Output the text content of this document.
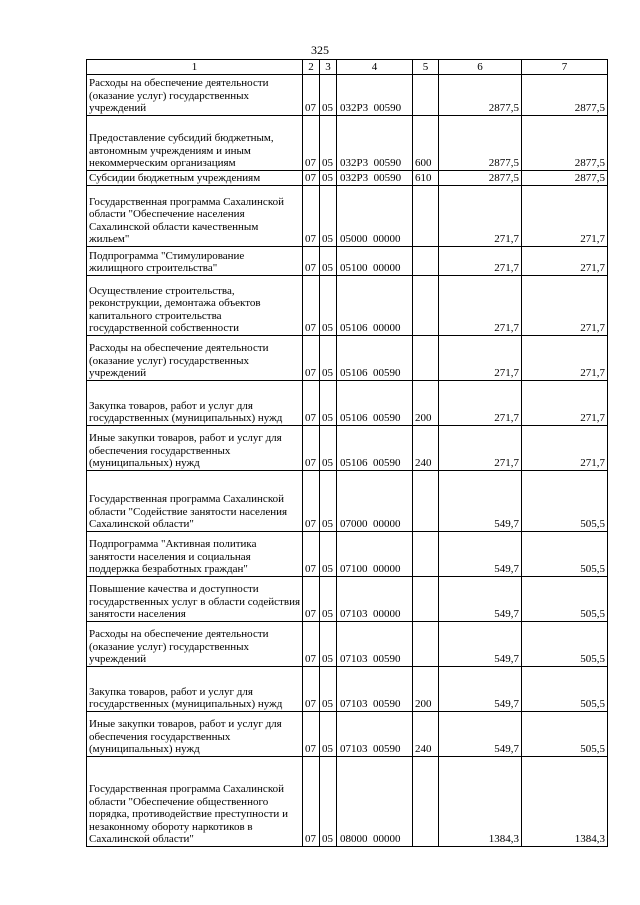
325
1	2	3	4	5	6	7
Расходы на обеспечение деятельности (оказание услуг) государственных учреждений	07	05	032Р3  00590		2877,5	2877,5
Предоставление субсидий бюджетным, автономным учреждениям и иным некоммерческим организациям	07	05	032Р3  00590	600	2877,5	2877,5
Субсидии бюджетным учреждениям	07	05	032Р3  00590	610	2877,5	2877,5
Государственная программа Сахалинской области "Обеспечение населения Сахалинской области качественным жильем"	07	05	05000  00000		271,7	271,7
Подпрограмма "Стимулирование жилищного строительства"	07	05	05100  00000		271,7	271,7
Осуществление строительства, реконструкции, демонтажа объектов капитального строительства государственной собственности	07	05	05106  00000		271,7	271,7
Расходы на обеспечение деятельности (оказание услуг) государственных учреждений	07	05	05106  00590		271,7	271,7
Закупка товаров, работ и услуг для государственных (муниципальных) нужд	07	05	05106  00590	200	271,7	271,7
Иные закупки товаров, работ и услуг для обеспечения государственных (муниципальных) нужд	07	05	05106  00590	240	271,7	271,7
Государственная программа Сахалинской области "Содействие занятости населения Сахалинской области"	07	05	07000  00000		549,7	505,5
Подпрограмма "Активная политика занятости населения и социальная поддержка безработных граждан"	07	05	07100  00000		549,7	505,5
Повышение качества и доступности государственных услуг в области содействия занятости населения	07	05	07103  00000		549,7	505,5
Расходы на обеспечение деятельности (оказание услуг) государственных учреждений	07	05	07103  00590		549,7	505,5
Закупка товаров, работ и услуг для государственных (муниципальных) нужд	07	05	07103  00590	200	549,7	505,5
Иные закупки товаров, работ и услуг для обеспечения государственных (муниципальных) нужд	07	05	07103  00590	240	549,7	505,5
Государственная программа Сахалинской области "Обеспечение общественного порядка, противодействие преступности и незаконному обороту наркотиков в Сахалинской области"	07	05	08000  00000		1384,3	1384,3
